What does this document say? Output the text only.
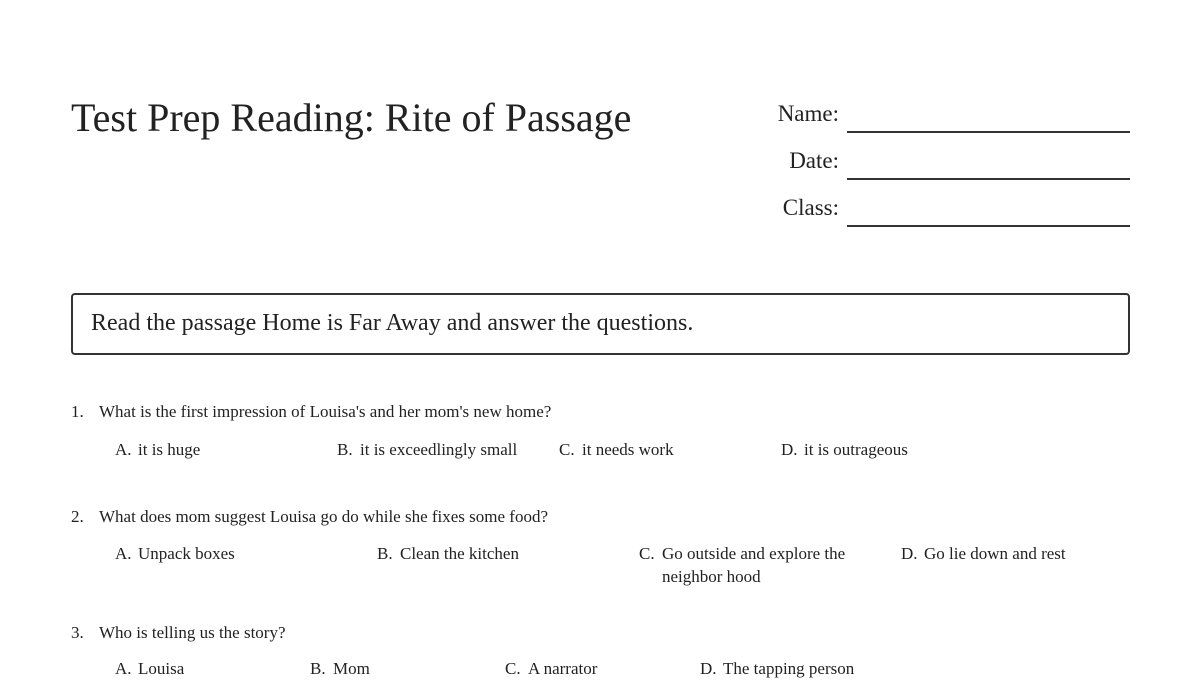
Test Prep Reading: Rite of Passage	Name:
Date:
Class:
Read the passage Home is Far Away and answer the questions.
1. What is the first impression of Louisa's and her mom's new home?
A. it is huge	B. it is exceedlingly small	C. it needs work	D. it is outrageous
2. What does mom suggest Louisa go do while she fixes some food?
A. Unpack boxes	B. Clean the kitchen	C. Go outside and explore the neighbor hood
D. Go lie down and rest
3. Who is telling us the story?
A. Louisa	B. Mom	C. A narrator	D. The tapping person
